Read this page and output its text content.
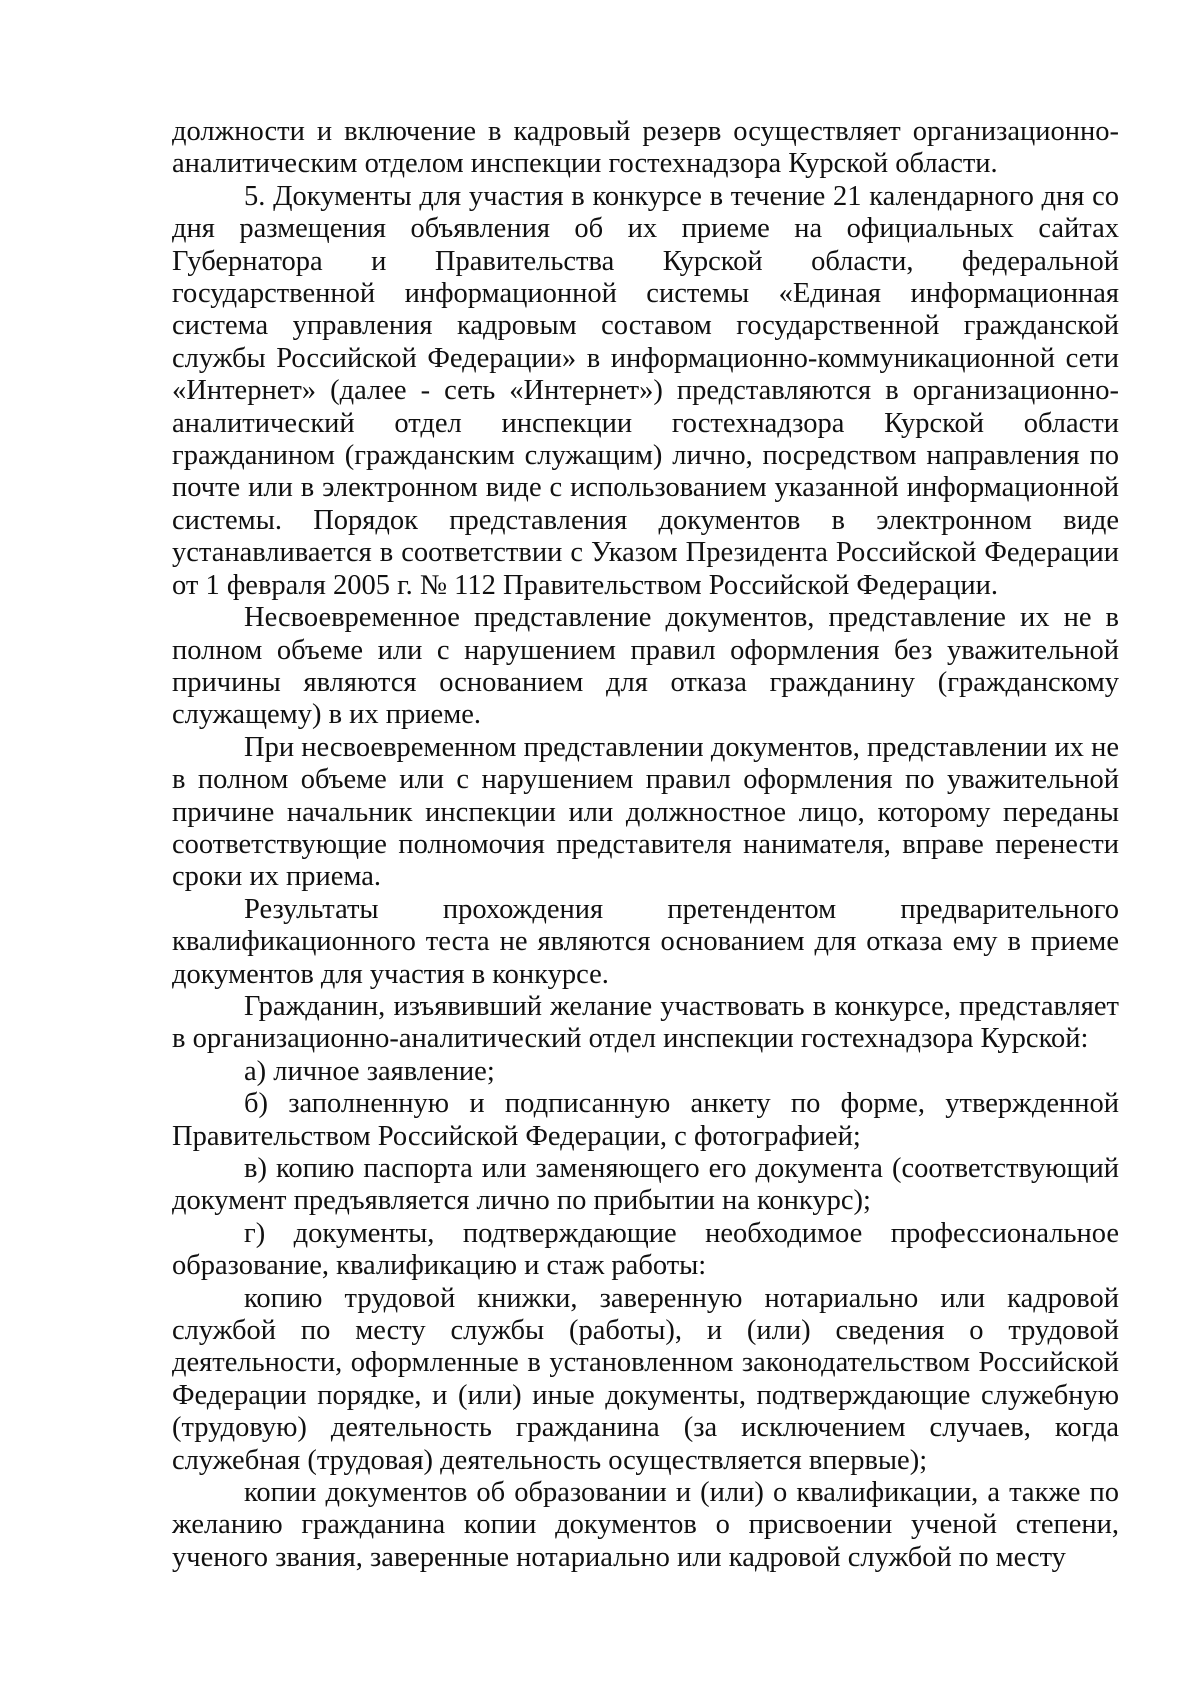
должности и включение в кадровый резерв осуществляет организационно-аналитическим отделом инспекции гостехнадзора Курской области.

5. Документы для участия в конкурсе в течение 21 календарного дня со дня размещения объявления об их приеме на официальных сайтах Губернатора и Правительства Курской области, федеральной государственной информационной системы «Единая информационная система управления кадровым составом государственной гражданской службы Российской Федерации» в информационно-коммуникационной сети «Интернет» (далее - сеть «Интернет») представляются в организационно-аналитический отдел инспекции гостехнадзора Курской области гражданином (гражданским служащим) лично, посредством направления по почте или в электронном виде с использованием указанной информационной системы. Порядок представления документов в электронном виде устанавливается в соответствии с Указом Президента Российской Федерации от 1 февраля 2005 г. № 112 Правительством Российской Федерации.

Несвоевременное представление документов, представление их не в полном объеме или с нарушением правил оформления без уважительной причины являются основанием для отказа гражданину (гражданскому служащему) в их приеме.

При несвоевременном представлении документов, представлении их не в полном объеме или с нарушением правил оформления по уважительной причине начальник инспекции или должностное лицо, которому переданы соответствующие полномочия представителя нанимателя, вправе перенести сроки их приема.

Результаты прохождения претендентом предварительного квалификационного теста не являются основанием для отказа ему в приеме документов для участия в конкурсе.

Гражданин, изъявивший желание участвовать в конкурсе, представляет в организационно-аналитический отдел инспекции гостехнадзора Курской:

а) личное заявление;

б) заполненную и подписанную анкету по форме, утвержденной Правительством Российской Федерации, с фотографией;

в) копию паспорта или заменяющего его документа (соответствующий документ предъявляется лично по прибытии на конкурс);

г) документы, подтверждающие необходимое профессиональное образование, квалификацию и стаж работы:

копию трудовой книжки, заверенную нотариально или кадровой службой по месту службы (работы), и (или) сведения о трудовой деятельности, оформленные в установленном законодательством Российской Федерации порядке, и (или) иные документы, подтверждающие служебную (трудовую) деятельность гражданина (за исключением случаев, когда служебная (трудовая) деятельность осуществляется впервые);

копии документов об образовании и (или) о квалификации, а также по желанию гражданина копии документов о присвоении ученой степени, ученого звания, заверенные нотариально или кадровой службой по месту
